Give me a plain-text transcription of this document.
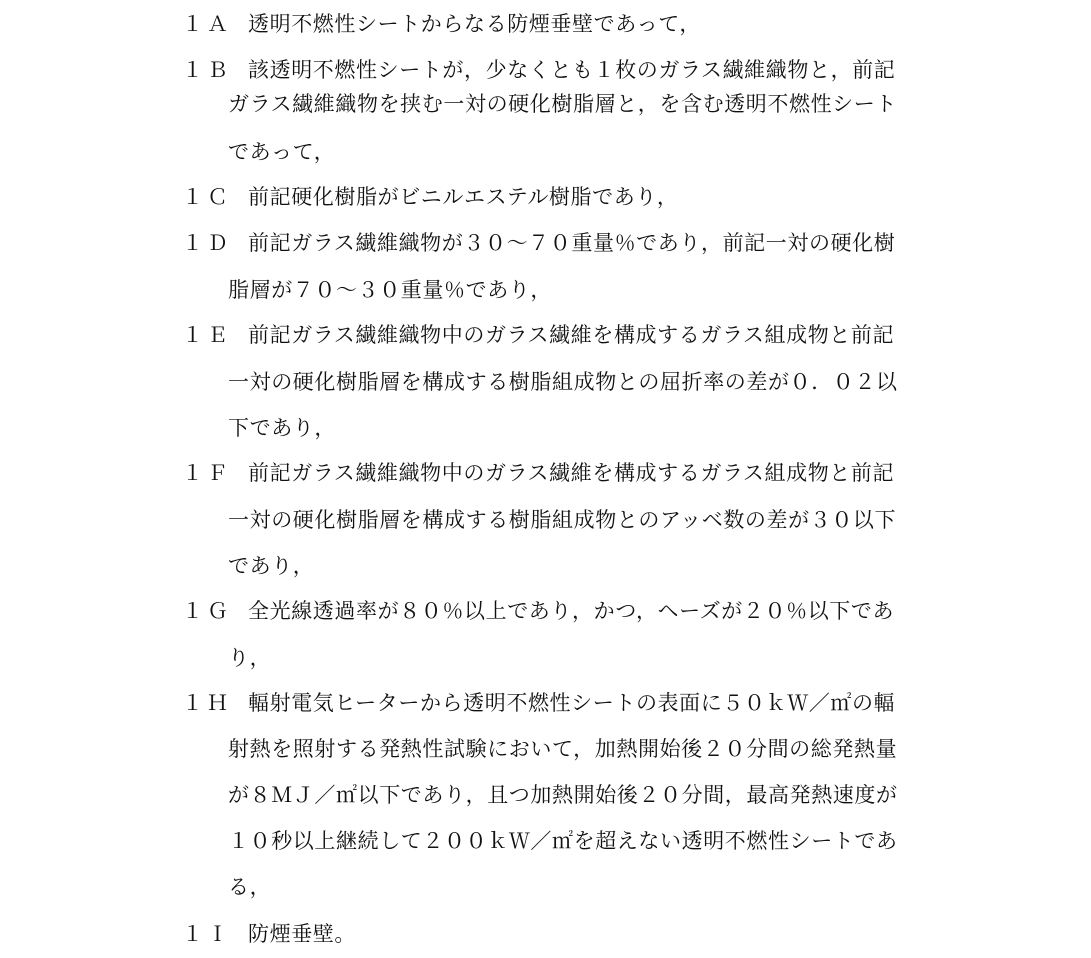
１Ａ 透明不燃性シートからなる防煙垂壁であって，
１Ｂ 該透明不燃性シートが，少なくとも１枚のガラス繊維織物と，前記
ガラス繊維織物を挟む一対の硬化樹脂層と，を含む透明不燃性シート
であって，
１Ｃ 前記硬化樹脂がビニルエステル樹脂であり，
１Ｄ 前記ガラス繊維織物が３０～７０重量％であり，前記一対の硬化樹
脂層が７０～３０重量％であり，
１Ｅ 前記ガラス繊維織物中のガラス繊維を構成するガラス組成物と前記
一対の硬化樹脂層を構成する樹脂組成物との屈折率の差が０．０２以
下であり，
１Ｆ 前記ガラス繊維織物中のガラス繊維を構成するガラス組成物と前記
一対の硬化樹脂層を構成する樹脂組成物とのアッベ数の差が３０以下
であり，
１Ｇ 全光線透過率が８０％以上であり，かつ，ヘーズが２０％以下であ
り，
１Ｈ 輻射電気ヒーターから透明不燃性シートの表面に５０ｋＷ／㎡の輻
射熱を照射する発熱性試験において，加熱開始後２０分間の総発熱量
が８ＭＪ／㎡以下であり，且つ加熱開始後２０分間，最高発熱速度が
１０秒以上継続して２００ｋＷ／㎡を超えない透明不燃性シートであ
る，
１Ｉ 防煙垂壁。
